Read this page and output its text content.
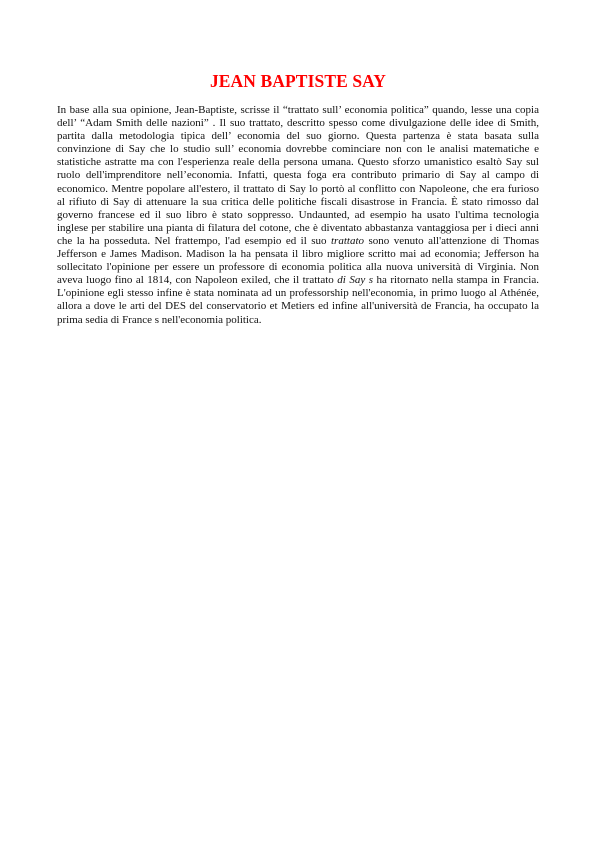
JEAN BAPTISTE SAY

In base alla sua opinione, Jean-Baptiste, scrisse il “trattato sull’ economia politica” quando, lesse una copia dell’ “Adam Smith delle nazioni” . Il suo trattato, descritto spesso come divulgazione delle idee di Smith, partita dalla metodologia tipica dell’ economia del suo giorno. Questa partenza è stata basata sulla convinzione di Say che lo studio sull’ economia dovrebbe cominciare non con le analisi matematiche e statistiche astratte ma con l'esperienza reale della persona umana. Questo sforzo umanistico esaltò Say sul ruolo dell'imprenditore nell’economia. Infatti, questa foga era contributo primario di Say al campo di economico. Mentre popolare all'estero, il trattato di Say lo portò al conflitto con Napoleone, che era furioso al rifiuto di Say di attenuare la sua critica delle politiche fiscali disastrose in Francia. È stato rimosso dal governo francese ed il suo libro è stato soppresso. Undaunted, ad esempio ha usato l'ultima tecnologia inglese per stabilire una pianta di filatura del cotone, che è diventato abbastanza vantaggiosa per i dieci anni che la ha posseduta. Nel frattempo, l'ad esempio ed il suo trattato sono venuto all'attenzione di Thomas Jefferson e James Madison. Madison la ha pensata il libro migliore scritto mai ad economia; Jefferson ha sollecitato l'opinione per essere un professore di economia politica alla nuova università di Virginia. Non aveva luogo fino al 1814, con Napoleon exiled, che il trattato di Say s ha ritornato nella stampa in Francia. L'opinione egli stesso infine è stata nominata ad un professorship nell'economia, in primo luogo al Athénée, allora a dove le arti del DES del conservatorio et Metiers ed infine all'università de Francia, ha occupato la prima sedia di France s nell'economia politica.
